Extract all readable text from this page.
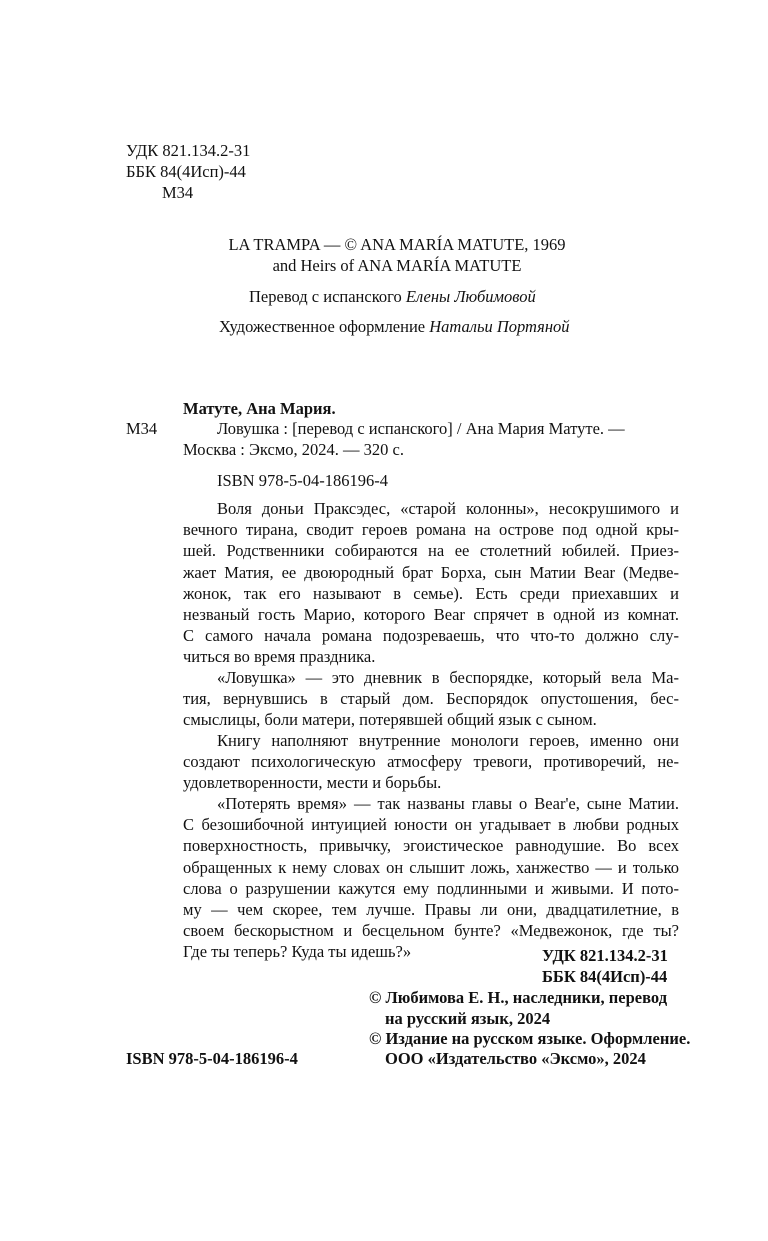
УДК 821.134.2-31
ББК 84(4Исп)-44
М34
LA TRAMPA — © ANA MARÍA MATUTE, 1969
and Heirs of ANA MARÍA MATUTE
Перевод с испанского Елены Любимовой
Художественное оформление Натальи Портяной
Матуте, Ана Мария.
М34	Ловушка : [перевод с испанского] / Ана Мария Матуте. —
Москва : Эксмо, 2024. — 320 с.
ISBN 978-5-04-186196-4
Воля доньи Праксэдес, «старой колонны», несокрушимого и
вечного тирана, сводит героев романа на острове под одной кры-
шей. Родственники собираются на ее столетний юбилей. Приез-
жает Матия, ее двоюродный брат Борха, сын Матии Bear (Медве-
жонок, так его называют в семье). Есть среди приехавших и
незваный гость Марио, которого Bear спрячет в одной из комнат.
С самого начала романа подозреваешь, что что-то должно слу-
читься во время праздника.
«Ловушка» — это дневник в беспорядке, который вела Ма-
тия, вернувшись в старый дом. Беспорядок опустошения, бес-
смыслицы, боли матери, потерявшей общий язык с сыном.
Книгу наполняют внутренние монологи героев, именно они
создают психологическую атмосферу тревоги, противоречий, не-
удовлетворенности, мести и борьбы.
«Потерять время» — так названы главы о Bear'е, сыне Матии.
С безошибочной интуицией юности он угадывает в любви родных
поверхностность, привычку, эгоистическое равнодушие. Во всех
обращенных к нему словах он слышит ложь, ханжество — и только
слова о разрушении кажутся ему подлинными и живыми. И пото-
му — чем скорее, тем лучше. Правы ли они, двадцатилетние, в
своем бескорыстном и бесцельном бунте? «Медвежонок, где ты?
Где ты теперь? Куда ты идешь?»	УДК 821.134.2-31
ББК 84(4Исп)-44
© Любимова Е. Н., наследники, перевод
на русский язык, 2024
© Издание на русском языке. Оформление.
ISBN 978-5-04-186196-4	ООО «Издательство «Эксмо», 2024
